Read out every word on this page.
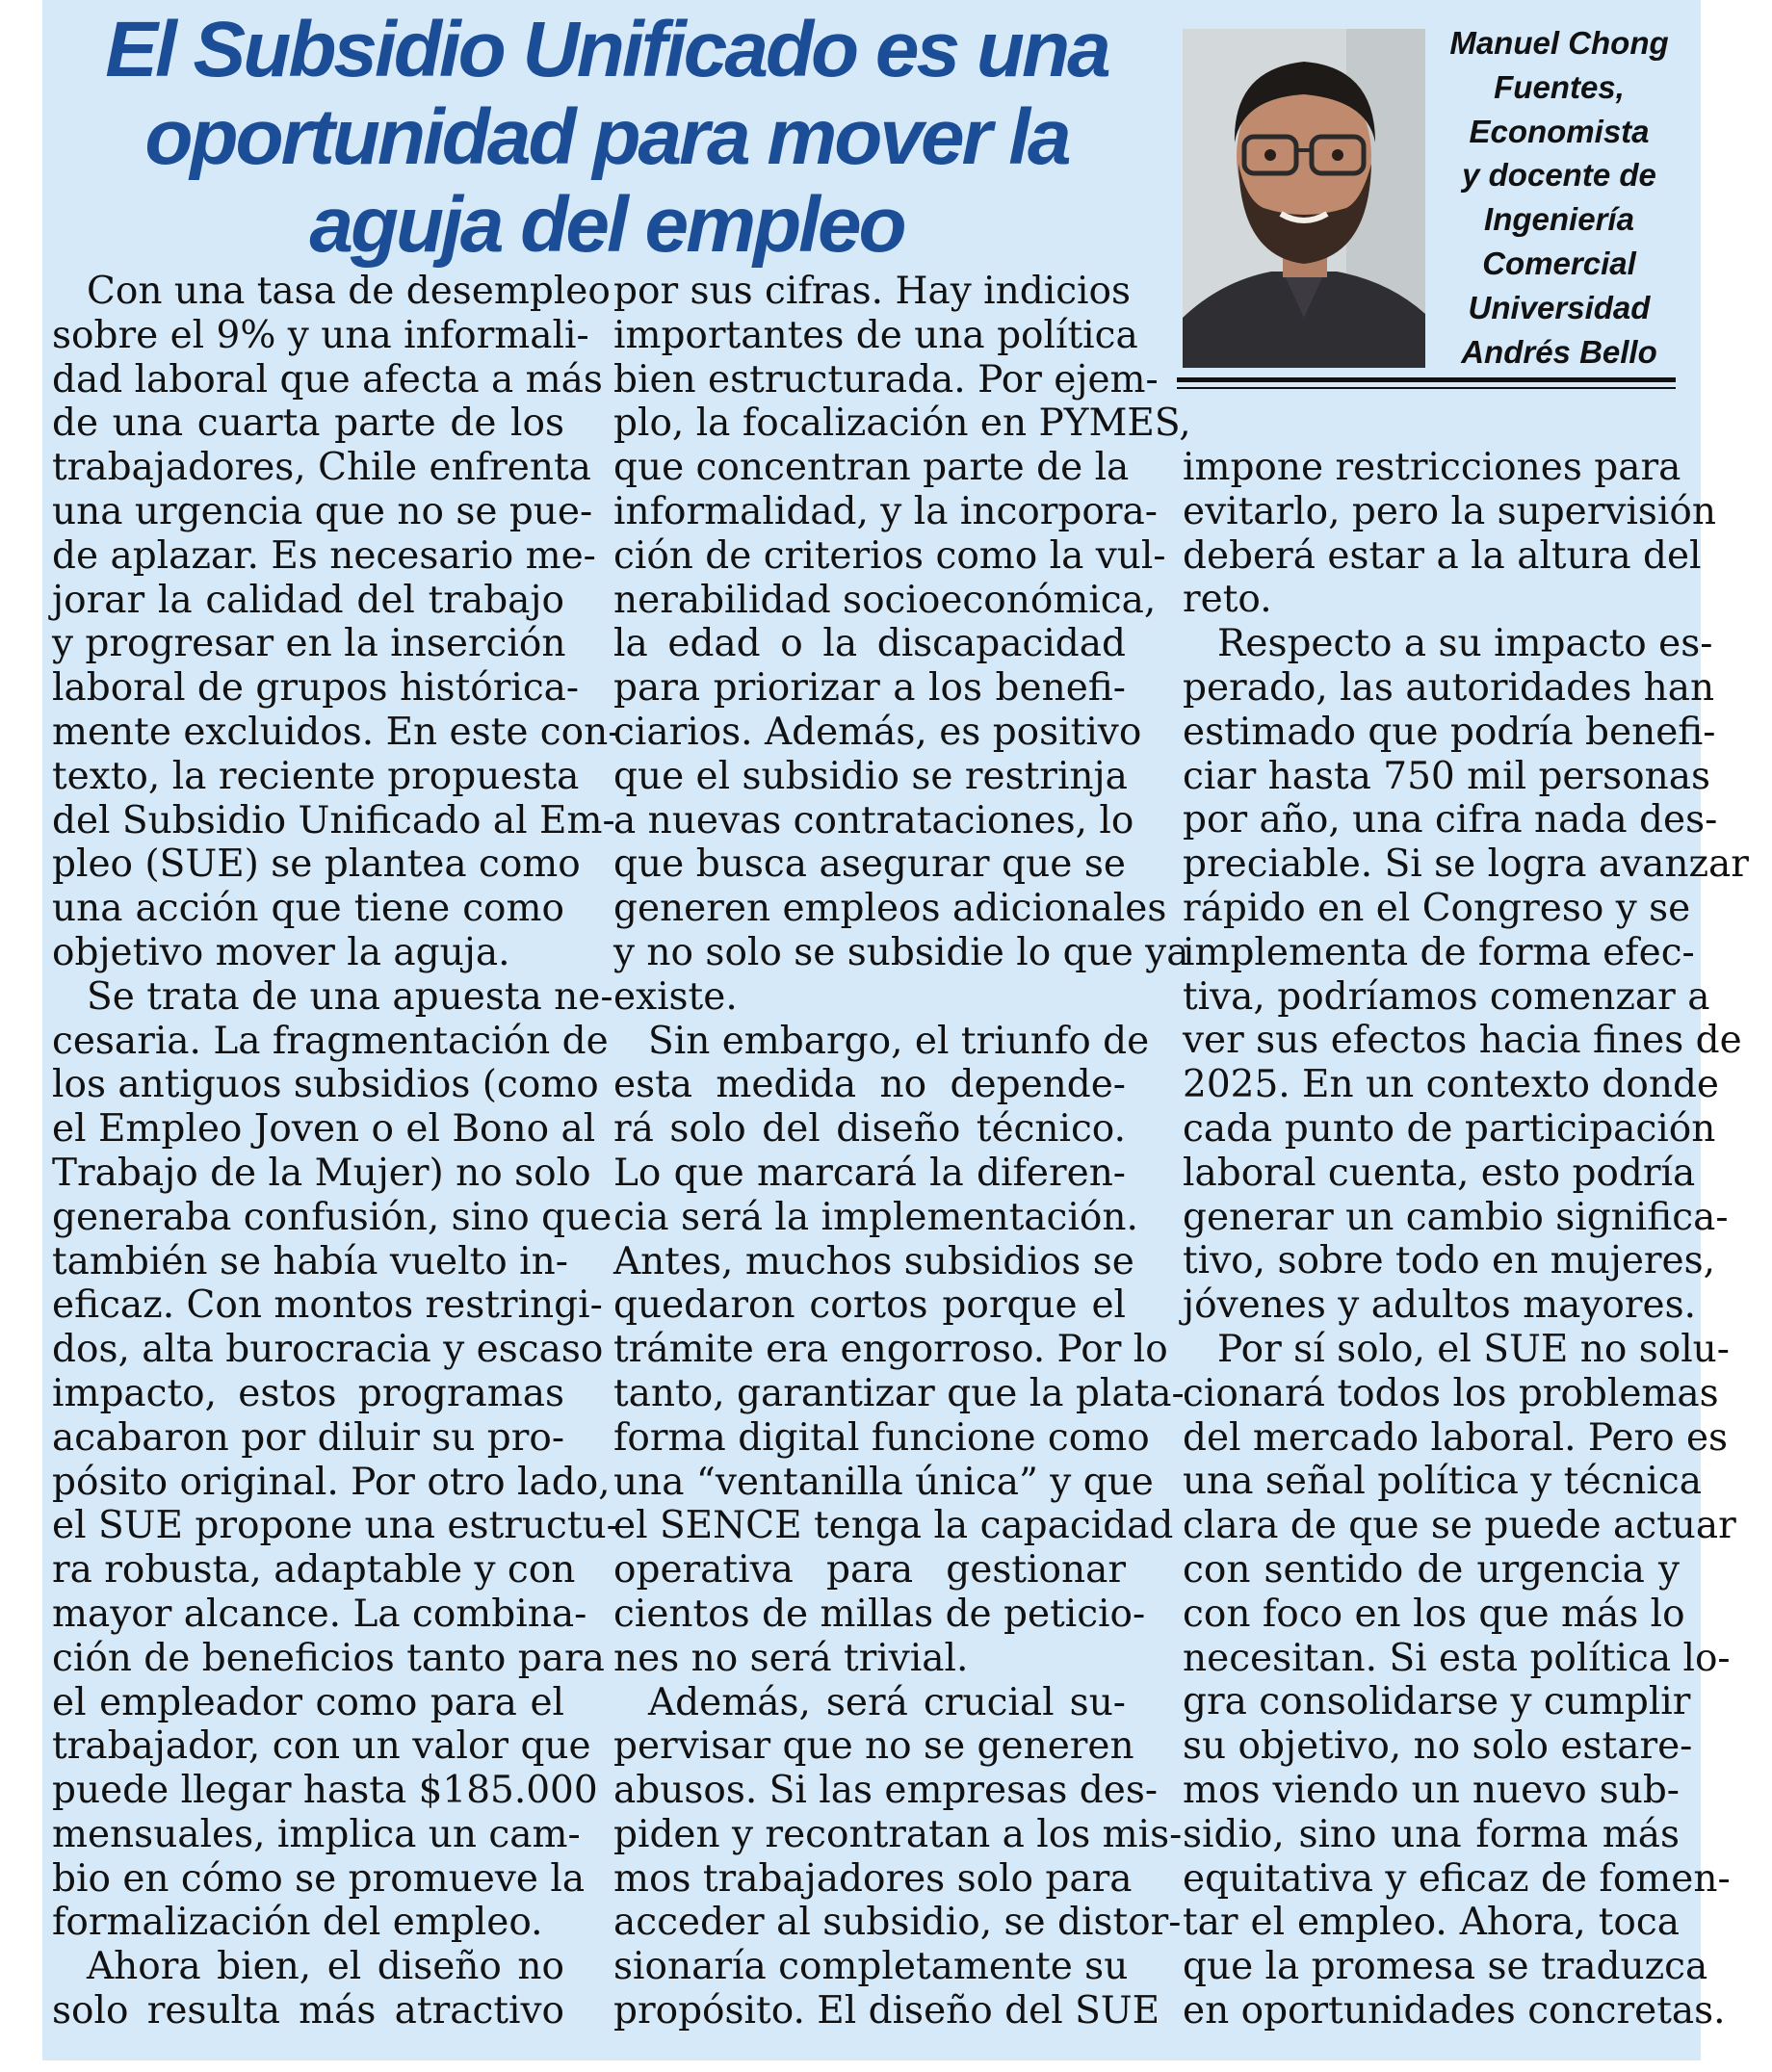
El Subsidio Unificado es una oportunidad para mover la aguja del empleo
Manuel Chong
Fuentes,
Economista
y docente de
Ingeniería
Comercial
Universidad
Andrés Bello

Con una tasa de desempleo
sobre el 9% y una informali-
dad laboral que afecta a más
de una cuarta parte de los
trabajadores, Chile enfrenta
una urgencia que no se pue-
de aplazar. Es necesario me-
jorar la calidad del trabajo
y progresar en la inserción
laboral de grupos histórica-
mente excluidos. En este con-
texto, la reciente propuesta
del Subsidio Unificado al Em-
pleo (SUE) se plantea como
una acción que tiene como
objetivo mover la aguja.

Se trata de una apuesta ne-
cesaria. La fragmentación de
los antiguos subsidios (como
el Empleo Joven o el Bono al
Trabajo de la Mujer) no solo
generaba confusión, sino que
también se había vuelto in-
eficaz. Con montos restringi-
dos, alta burocracia y escaso
impacto, estos programas
acabaron por diluir su pro-
pósito original. Por otro lado,
el SUE propone una estructu-
ra robusta, adaptable y con
mayor alcance. La combina-
ción de beneficios tanto para
el empleador como para el
trabajador, con un valor que
puede llegar hasta $185.000
mensuales, implica un cam-
bio en cómo se promueve la
formalización del empleo.

Ahora bien, el diseño no
solo resulta más atractivo

por sus cifras. Hay indicios
importantes de una política
bien estructurada. Por ejem-
plo, la focalización en PYMES,
que concentran parte de la
informalidad, y la incorpora-
ción de criterios como la vul-
nerabilidad socioeconómica,
la edad o la discapacidad
para priorizar a los benefi-
ciarios. Además, es positivo
que el subsidio se restrinja
a nuevas contrataciones, lo
que busca asegurar que se
generen empleos adicionales
y no solo se subsidie lo que ya
existe.

Sin embargo, el triunfo de
esta medida no dependе-
rá solo del diseño técnico.
Lo que marcará la diferen-
cia será la implementación.
Antes, muchos subsidios se
quedaron cortos porque el
trámite era engorroso. Por lo
tanto, garantizar que la plata-
forma digital funcione como
una “ventanilla única” y que
el SENCE tenga la capacidad
operativa para gestionar
cientos de millas de peticio-
nes no será trivial.

Además, será crucial su-
pervisar que no se generen
abusos. Si las empresas des-
piden y recontratan a los mis-
mos trabajadores solo para
acceder al subsidio, se distor-
sionaría completamente su
propósito. El diseño del SUE

impone restricciones para
evitarlo, pero la supervisión
deberá estar a la altura del
reto.

Respecto a su impacto es-
perado, las autoridades han
estimado que podría benefi-
ciar hasta 750 mil personas
por año, una cifra nada des-
preciable. Si se logra avanzar
rápido en el Congreso y se
implementa de forma efec-
tiva, podríamos comenzar a
ver sus efectos hacia fines de
2025. En un contexto donde
cada punto de participación
laboral cuenta, esto podría
generar un cambio significa-
tivo, sobre todo en mujeres,
jóvenes y adultos mayores.

Por sí solo, el SUE no solu-
cionará todos los problemas
del mercado laboral. Pero es
una señal política y técnica
clara de que se puede actuar
con sentido de urgencia y
con foco en los que más lo
necesitan. Si esta política lo-
gra consolidarse y cumplir
su objetivo, no solo estare-
mos viendo un nuevo sub-
sidio, sino una forma más
equitativa y eficaz de fomen-
tar el empleo. Ahora, toca
que la promesa se traduzca
en oportunidades concretas.
